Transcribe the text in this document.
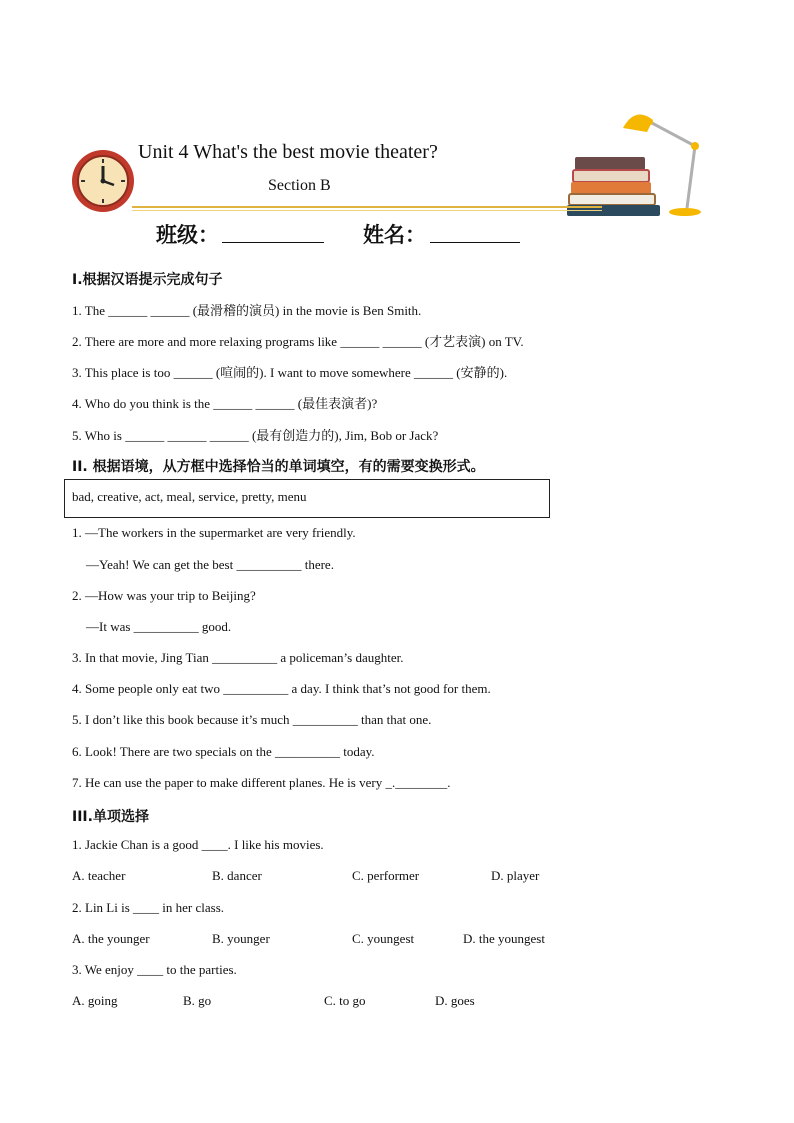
Unit 4 What's the best movie theater?
Section B
班级：	姓名：
I.根据汉语提示完成句子
1. The ______ ______ (最滑稽的演员) in the movie is Ben Smith.
2. There are more and more relaxing programs like ______ ______ (才艺表演) on TV.
3. This place is too ______ (喧闹的). I want to move somewhere ______ (安静的).
4. Who do you think is the ______ ______ (最佳表演者)?
5. Who is ______ ______ ______ (最有创造力的), Jim, Bob or Jack?
II. 根据语境，从方框中选择恰当的单词填空，有的需要变换形式。
bad, creative, act, meal, service, pretty, menu
1. —The workers in the supermarket are very friendly.
—Yeah! We can get the best __________ there.
2. —How was your trip to Beijing?
—It was __________ good.
3. In that movie, Jing Tian __________ a policeman’s daughter.
4. Some people only eat two __________ a day. I think that’s not good for them.
5. I don’t like this book because it’s much __________ than that one.
6. Look! There are two specials on the __________ today.
7. He can use the paper to make different planes. He is very _.________.
III.单项选择
1. Jackie Chan is a good ____. I like his movies.
A. teacher	B. dancer	C. performer	D. player
2. Lin Li is ____ in her class.
A. the younger	B. younger	C. youngest	D. the youngest
3. We enjoy ____ to the parties.
A. going	B. go	C. to go	D. goes
